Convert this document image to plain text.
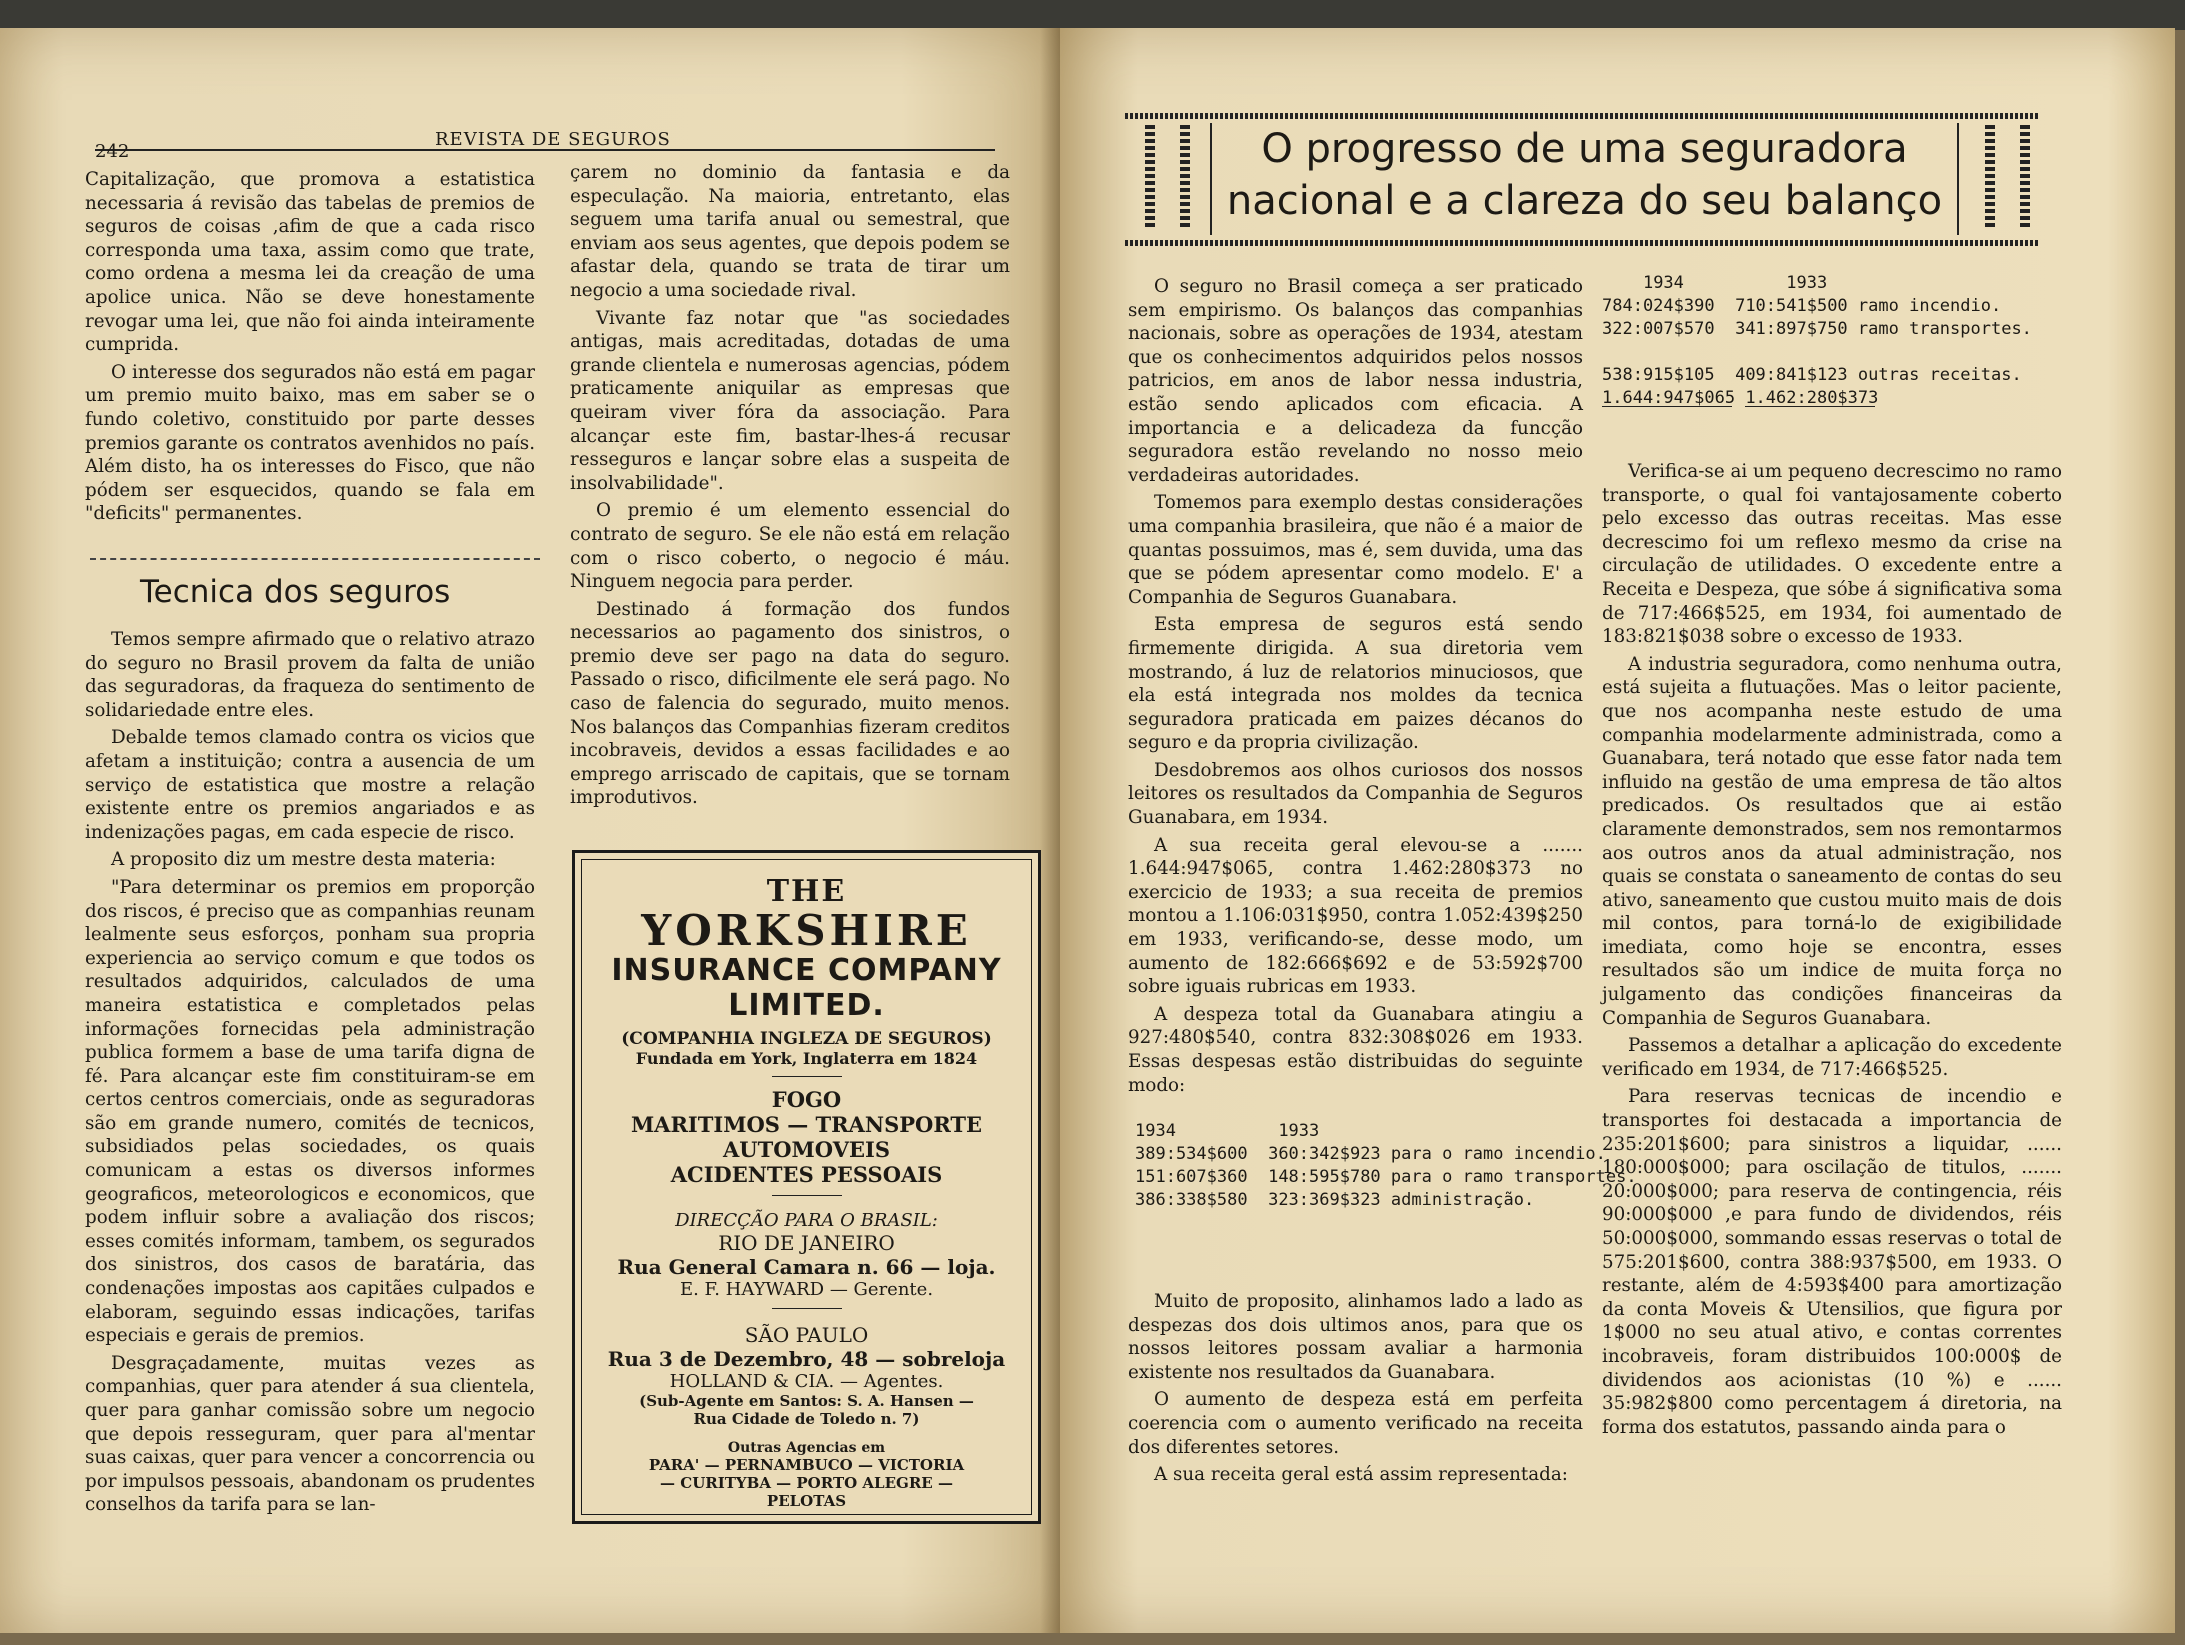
242
REVISTA DE SEGUROS

Capitalização, que promova a estatistica necessaria á revisão das tabelas de premios de seguros de coisas ,afim de que a cada risco corresponda uma taxa, assim como que trate, como ordena a mesma lei da creação de uma apolice unica. Não se deve honestamente revogar uma lei, que não foi ainda inteiramente cumprida.

O interesse dos segurados não está em pagar um premio muito baixo, mas em saber se o fundo coletivo, constituido por parte desses premios garante os contratos avenhidos no país. Além disto, ha os interesses do Fisco, que não pódem ser esquecidos, quando se fala em "deficits" permanentes.

Tecnica dos seguros

Temos sempre afirmado que o relativo atrazo do seguro no Brasil provem da falta de união das seguradoras, da fraqueza do sentimento de solidariedade entre eles.

Debalde temos clamado contra os vicios que afetam a instituição; contra a ausencia de um serviço de estatistica que mostre a relação existente entre os premios angariados e as indenizações pagas, em cada especie de risco.

A proposito diz um mestre desta materia:

"Para determinar os premios em proporção dos riscos, é preciso que as companhias reunam lealmente seus esforços, ponham sua propria experiencia ao serviço comum e que todos os resultados adquiridos, calculados de uma maneira estatistica e completados pelas informações fornecidas pela administração publica formem a base de uma tarifa digna de fé. Para alcançar este fim constituiram-se em certos centros comerciais, onde as seguradoras são em grande numero, comités de tecnicos, subsidiados pelas sociedades, os quais comunicam a estas os diversos informes geograficos, meteorologicos e economicos, que podem influir sobre a avaliação dos riscos; esses comités informam, tambem, os segurados dos sinistros, dos casos de baratária, das condenações impostas aos capitães culpados e elaboram, seguindo essas indicações, tarifas especiais e gerais de premios.

Desgraçadamente, muitas vezes as companhias, quer para atender á sua clientela, quer para ganhar comissão sobre um negocio que depois resseguram, quer para al'mentar suas caixas, quer para vencer a concorrencia ou por impulsos pessoais, abandonam os prudentes conselhos da tarifa para se lan-

çarem no dominio da fantasia e da especulação. Na maioria, entretanto, elas seguem uma tarifa anual ou semestral, que enviam aos seus agentes, que depois podem se afastar dela, quando se trata de tirar um negocio a uma sociedade rival.

Vivante faz notar que "as sociedades antigas, mais acreditadas, dotadas de uma grande clientela e numerosas agencias, pódem praticamente aniquilar as empresas que queiram viver fóra da associação. Para alcançar este fim, bastar-lhes-á recusar resseguros e lançar sobre elas a suspeita de insolvabilidade".

O premio é um elemento essencial do contrato de seguro. Se ele não está em relação com o risco coberto, o negocio é máu. Ninguem negocia para perder.

Destinado á formação dos fundos necessarios ao pagamento dos sinistros, o premio deve ser pago na data do seguro. Passado o risco, dificilmente ele será pago. No caso de falencia do segurado, muito menos. Nos balanços das Companhias fizeram creditos incobraveis, devidos a essas facilidades e ao emprego arriscado de capitais, que se tornam improdutivos.

THE
YORKSHIRE
INSURANCE COMPANY LIMITED.
(COMPANHIA INGLEZA DE SEGUROS)
Fundada em York, Inglaterra em 1824
FOGO
MARITIMOS — TRANSPORTE
AUTOMOVEIS
ACIDENTES PESSOAIS
DIRECÇÃO PARA O BRASIL:
RIO DE JANEIRO
Rua General Camara n. 66 — loja.
E. F. HAYWARD — Gerente.
SÃO PAULO
Rua 3 de Dezembro, 48 — sobreloja
HOLLAND & CIA. — Agentes.
(Sub-Agente em Santos: S. A. Hansen —
Rua Cidade de Toledo n. 7)
Outras Agencias em
PARA' — PERNAMBUCO — VICTORIA
— CURITYBA — PORTO ALEGRE —
PELOTAS
O progresso de uma seguradora
nacional e a clareza do seu balanço

O seguro no Brasil começa a ser praticado sem empirismo. Os balanços das companhias nacionais, sobre as operações de 1934, atestam que os conhecimentos adquiridos pelos nossos patricios, em anos de labor nessa industria, estão sendo aplicados com eficacia. A importancia e a delicadeza da funcção seguradora estão revelando no nosso meio verdadeiras autoridades.

Tomemos para exemplo destas considerações uma companhia brasileira, que não é a maior de quantas possuimos, mas é, sem duvida, uma das que se pódem apresentar como modelo. E' a Companhia de Seguros Guanabara.

Esta empresa de seguros está sendo firmemente dirigida. A sua diretoria vem mostrando, á luz de relatorios minuciosos, que ela está integrada nos moldes da tecnica seguradora praticada em paizes décanos do seguro e da propria civilização.

Desdobremos aos olhos curiosos dos nossos leitores os resultados da Companhia de Seguros Guanabara, em 1934.

A sua receita geral elevou-se a ....... 1.644:947$065, contra 1.462:280$373 no exercicio de 1933; a sua receita de premios montou a 1.106:031$950, contra 1.052:439$250 em 1933, verificando-se, desse modo, um aumento de 182:666$692 e de 53:592$700 sobre iguais rubricas em 1933.

A despeza total da Guanabara atingiu a 927:480$540, contra 832:308$026 em 1933. Essas despesas estão distribuidas do seguinte modo:

1934	1933
389:534$600 360:342$923 para o ramo incendio.
151:607$360 148:595$780 para o ramo transportes.
386:338$580 323:369$323 administração.

Muito de proposito, alinhamos lado a lado as despezas dos dois ultimos anos, para que os nossos leitores possam avaliar a harmonia existente nos resultados da Guanabara.

O aumento de despeza está em perfeita coerencia com o aumento verificado na receita dos diferentes setores.

A sua receita geral está assim representada:

1934	1933
784:024$390 710:541$500 ramo incendio.
322:007$570 341:897$750 ramo transportes.

538:915$105 409:841$123 outras receitas.
1.644:947$065 1.462:280$373

Verifica-se ai um pequeno decrescimo no ramo transporte, o qual foi vantajosamente coberto pelo excesso das outras receitas. Mas esse decrescimo foi um reflexo mesmo da crise na circulação de utilidades. O excedente entre a Receita e Despeza, que sóbe á significativa soma de 717:466$525, em 1934, foi aumentado de 183:821$038 sobre o excesso de 1933.

A industria seguradora, como nenhuma outra, está sujeita a flutuações. Mas o leitor paciente, que nos acompanha neste estudo de uma companhia modelarmente administrada, como a Guanabara, terá notado que esse fator nada tem influido na gestão de uma empresa de tão altos predicados. Os resultados que ai estão claramente demonstrados, sem nos remontarmos aos outros anos da atual administração, nos quais se constata o saneamento de contas do seu ativo, saneamento que custou muito mais de dois mil contos, para torná-lo de exigibilidade imediata, como hoje se encontra, esses resultados são um indice de muita força no julgamento das condições financeiras da Companhia de Seguros Guanabara.

Passemos a detalhar a aplicação do excedente verificado em 1934, de 717:466$525.

Para reservas tecnicas de incendio e transportes foi destacada a importancia de 235:201$600; para sinistros a liquidar, ...... 180:000$000; para oscilação de titulos, ....... 20:000$000; para reserva de contingencia, réis 90:000$000 ,e para fundo de dividendos, réis 50:000$000, sommando essas reservas o total de 575:201$600, contra 388:937$500, em 1933. O restante, além de 4:593$400 para amortização da conta Moveis & Utensilios, que figura por 1$000 no seu atual ativo, e contas correntes incobraveis, foram distribuidos 100:000$ de dividendos aos acionistas (10 %) e ...... 35:982$800 como percentagem á diretoria, na forma dos estatutos, passando ainda para o
